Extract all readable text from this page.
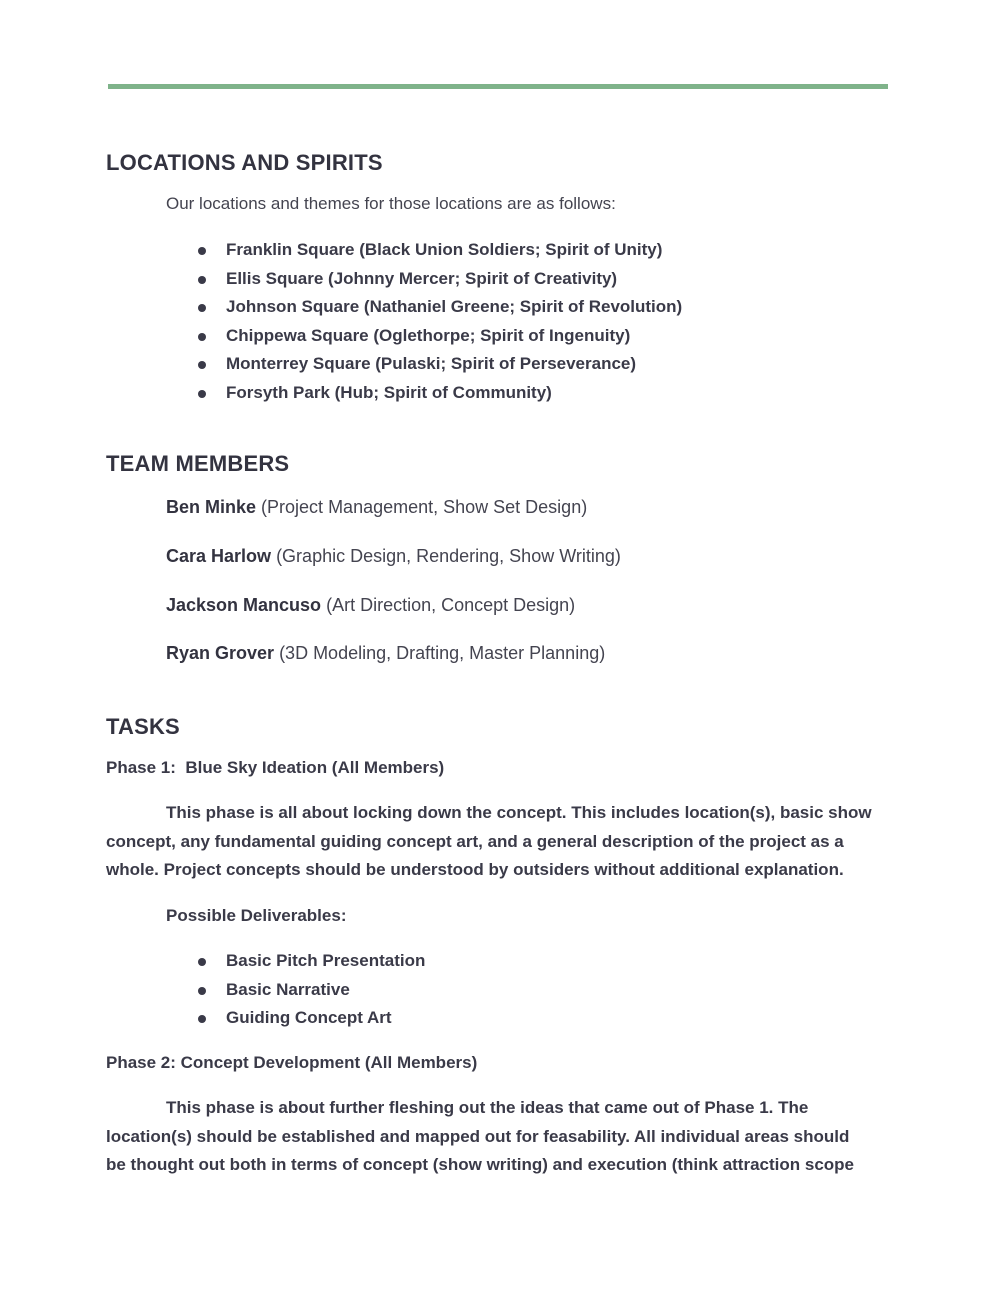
LOCATIONS AND SPIRITS

Our locations and themes for those locations are as follows:

Franklin Square (Black Union Soldiers; Spirit of Unity)
Ellis Square (Johnny Mercer; Spirit of Creativity)
Johnson Square (Nathaniel Greene; Spirit of Revolution)
Chippewa Square (Oglethorpe; Spirit of Ingenuity)
Monterrey Square (Pulaski; Spirit of Perseverance)
Forsyth Park (Hub; Spirit of Community)
TEAM MEMBERS

Ben Minke (Project Management, Show Set Design)

Cara Harlow (Graphic Design, Rendering, Show Writing)

Jackson Mancuso (Art Direction, Concept Design)

Ryan Grover (3D Modeling, Drafting, Master Planning)

TASKS

Phase 1:  Blue Sky Ideation (All Members)

This phase is all about locking down the concept. This includes location(s), basic show

concept, any fundamental guiding concept art, and a general description of the project as a

whole. Project concepts should be understood by outsiders without additional explanation.

Possible Deliverables:

Basic Pitch Presentation
Basic Narrative
Guiding Concept Art

Phase 2: Concept Development (All Members)

This phase is about further fleshing out the ideas that came out of Phase 1. The

location(s) should be established and mapped out for feasability. All individual areas should

be thought out both in terms of concept (show writing) and execution (think attraction scope
